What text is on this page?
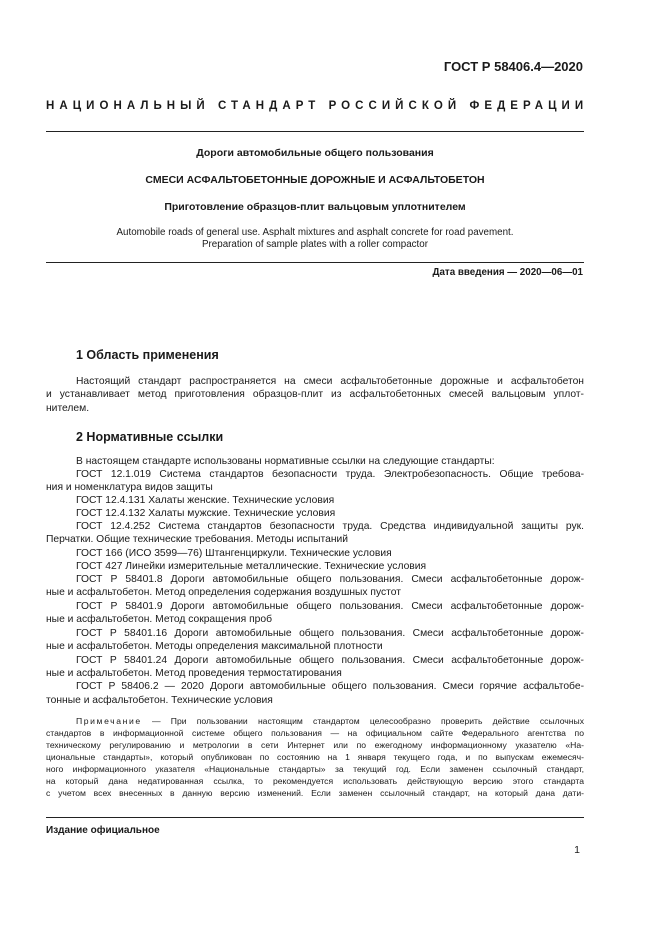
ГОСТ Р 58406.4—2020
НАЦИОНАЛЬНЫЙ СТАНДАРТ РОССИЙСКОЙ ФЕДЕРАЦИИ
Дороги автомобильные общего пользования
СМЕСИ АСФАЛЬТОБЕТОННЫЕ ДОРОЖНЫЕ И АСФАЛЬТОБЕТОН
Приготовление образцов-плит вальцовым уплотнителем
Automobile roads of general use. Asphalt mixtures and asphalt concrete for road pavement.
Preparation of sample plates with a roller compactor
Дата введения — 2020—06—01
1 Область применения
Настоящий стандарт распространяется на смеси асфальтобетонные дорожные и асфальтобетон
и устанавливает метод приготовления образцов-плит из асфальтобетонных смесей вальцовым уплот-
нителем.
2 Нормативные ссылки
В настоящем стандарте использованы нормативные ссылки на следующие стандарты:
ГОСТ 12.1.019 Система стандартов безопасности труда. Электробезопасность. Общие требова-
ния и номенклатура видов защиты
ГОСТ 12.4.131 Халаты женские. Технические условия
ГОСТ 12.4.132 Халаты мужские. Технические условия
ГОСТ 12.4.252 Система стандартов безопасности труда. Средства индивидуальной защиты рук.
Перчатки. Общие технические требования. Методы испытаний
ГОСТ 166 (ИСО 3599—76) Штангенциркули. Технические условия
ГОСТ 427 Линейки измерительные металлические. Технические условия
ГОСТ Р 58401.8 Дороги автомобильные общего пользования. Смеси асфальтобетонные дорож-
ные и асфальтобетон. Метод определения содержания воздушных пустот
ГОСТ Р 58401.9 Дороги автомобильные общего пользования. Смеси асфальтобетонные дорож-
ные и асфальтобетон. Метод сокращения проб
ГОСТ Р 58401.16 Дороги автомобильные общего пользования. Смеси асфальтобетонные дорож-
ные и асфальтобетон. Методы определения максимальной плотности
ГОСТ Р 58401.24 Дороги автомобильные общего пользования. Смеси асфальтобетонные дорож-
ные и асфальтобетон. Метод проведения термостатирования
ГОСТ Р 58406.2 — 2020 Дороги автомобильные общего пользования. Смеси горячие асфальтобе-
тонные и асфальтобетон. Технические условия
Примечание — При пользовании настоящим стандартом целесообразно проверить действие ссылочных
стандартов в информационной системе общего пользования — на официальном сайте Федерального агентства по
техническому регулированию и метрологии в сети Интернет или по ежегодному информационному указателю «На-
циональные стандарты», который опубликован по состоянию на 1 января текущего года, и по выпускам ежемесяч-
ного информационного указателя «Национальные стандарты» за текущий год. Если заменен ссылочный стандарт,
на который дана недатированная ссылка, то рекомендуется использовать действующую версию этого стандарта
с учетом всех внесенных в данную версию изменений. Если заменен ссылочный стандарт, на который дана дати-
Издание официальное
1
